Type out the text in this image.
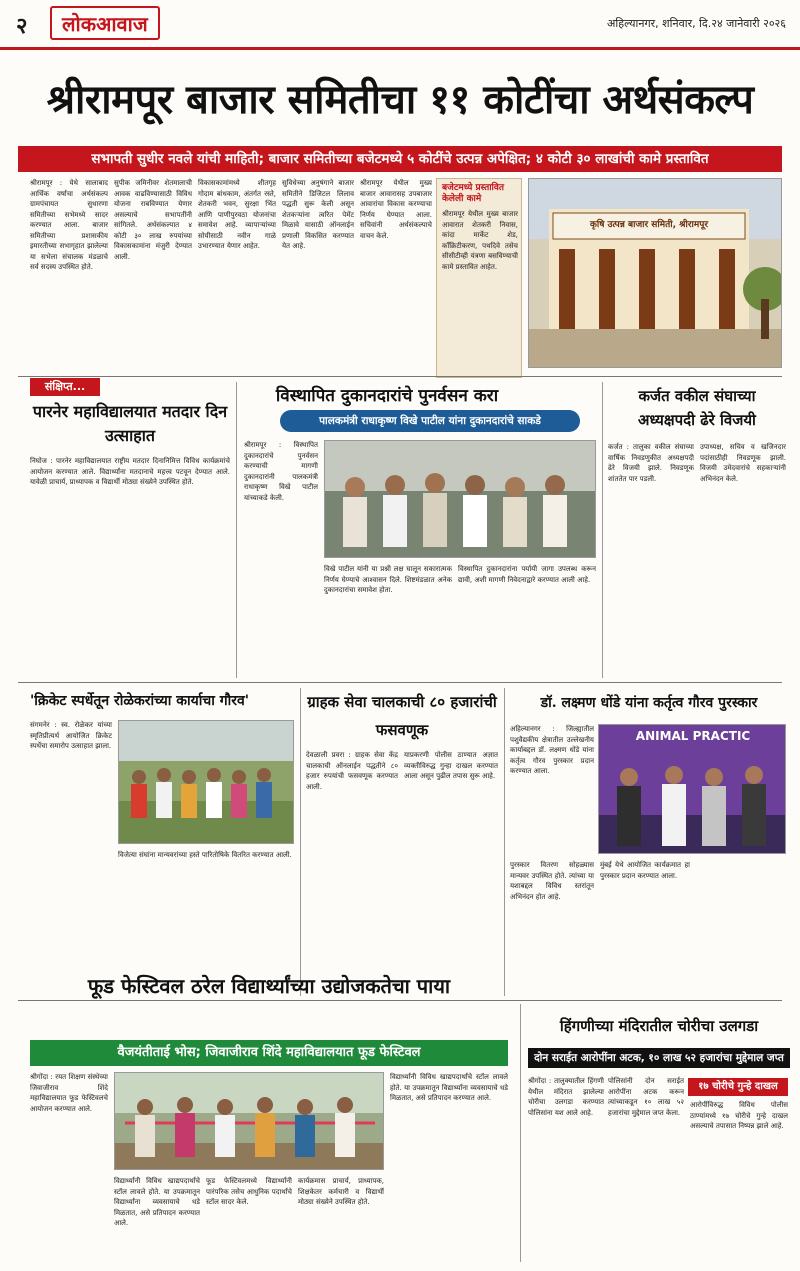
२ लोकआवाज	अहिल्यानगर, शनिवार, दि.२४ जानेवारी २०२६
श्रीरामपूर बाजार समितीचा ११ कोटींचा अर्थसंकल्प
सभापती सुधीर नवले यांची माहिती; बाजार समितीच्या बजेटमध्ये ५ कोटींचे उत्पन्न अपेक्षित; ४ कोटी ३० लाखांची कामे प्रस्तावित
श्रीरामपूर : येथे सालाबाद आर्थिक वर्षाचा अर्थसंकल्प ग्रामपंचायत सुधारणा समितीच्या सभेमध्ये सादर करण्यात आला. बाजार समितीच्या प्रशासकीय इमारतीच्या सभागृहात झालेल्या या सभेला संचालक मंडळाचे सर्व सदस्य उपस्थित होते.
सुपीक जमिनीवर शेतमालाची आवक वाढविण्यासाठी विविध योजना राबविण्यात येणार असल्याचे सभापतींनी सांगितले. अर्थसंकल्पात ४ कोटी ३० लाख रुपयांच्या विकासकामांना मंजुरी देण्यात आली.
विकासकामांमध्ये शीतगृह गोदाम बांधकाम, अंतर्गत रस्ते, शेतकरी भवन, सुरक्षा भिंत आणि पाणीपुरवठा योजनांचा समावेश आहे. व्यापाऱ्यांच्या सोयीसाठी नवीन गाळे उभारण्यात येणार आहेत.
सुविधेच्या अनुषंगाने बाजार समितीने डिजिटल लिलाव पद्धती सुरू केली असून शेतकऱ्यांना त्वरित पेमेंट मिळावे यासाठी ऑनलाईन प्रणाली विकसित करण्यात येत आहे.
श्रीरामपूर येथील मुख्य बाजार आवारासह उपबाजार आवारांचा विकास करण्याचा निर्णय घेण्यात आला. सचिवांनी अर्थसंकल्पाचे वाचन केले.
बजेटमध्ये प्रस्तावित केलेली कामे
श्रीरामपूर येथील मुख्य बाजार आवारात शेतकरी निवास, कांदा मार्केट शेड, कॉंक्रिटीकरण, पथदिवे तसेच सीसीटीव्ही यंत्रणा बसविण्याची कामे प्रस्तावित आहेत.
कृषि उत्पन्न बाजार समिती, श्रीरामपूर
संक्षिप्त...
पारनेर महाविद्यालयात मतदार दिन उत्साहात
निघोज : पारनेर महाविद्यालयात राष्ट्रीय मतदार दिनानिमित्त विविध कार्यक्रमांचे आयोजन करण्यात आले. विद्यार्थ्यांना मतदानाचे महत्त्व पटवून देण्यात आले. यावेळी प्राचार्य, प्राध्यापक व विद्यार्थी मोठ्या संख्येने उपस्थित होते.
विस्थापित दुकानदारांचे पुनर्वसन करा
पालकमंत्री राधाकृष्ण विखे पाटील यांना दुकानदारांचे साकडे
श्रीरामपूर : विस्थापित दुकानदारांचे पुनर्वसन करण्याची मागणी दुकानदारांनी पालकमंत्री राधाकृष्ण विखे पाटील यांच्याकडे केली.
विखे पाटील यांनी या प्रश्नी लक्ष घालून सकारात्मक निर्णय घेण्याचे आश्वासन दिले. शिष्टमंडळात अनेक दुकानदारांचा समावेश होता.
विस्थापित दुकानदारांना पर्यायी जागा उपलब्ध करून द्यावी, अशी मागणी निवेदनाद्वारे करण्यात आली आहे.
कर्जत वकील संघाच्या अध्यक्षपदी ढेरे विजयी
कर्जत : तालुका वकील संघाच्या वार्षिक निवडणुकीत अध्यक्षपदी ढेरे विजयी झाले. निवडणूक शांततेत पार पडली.
उपाध्यक्ष, सचिव व खजिनदार पदांसाठीही निवडणूक झाली. विजयी उमेदवारांचे सहकाऱ्यांनी अभिनंदन केले.
'क्रिकेट स्पर्धेतून रोळेकरांच्या कार्याचा गौरव'
संगमनेर : स्व. रोळेकर यांच्या स्मृतिप्रीत्यर्थ आयोजित क्रिकेट स्पर्धेचा समारोप उत्साहात झाला.
विजेत्या संघांना मान्यवरांच्या हस्ते पारितोषिके वितरित करण्यात आली.
ग्राहक सेवा चालकाची ८० हजारांची फसवणूक
देवळाली प्रवरा : ग्राहक सेवा केंद्र चालकाची ऑनलाईन पद्धतीने ८० हजार रुपयांची फसवणूक करण्यात आली.
याप्रकरणी पोलीस ठाण्यात अज्ञात व्यक्तीविरुद्ध गुन्हा दाखल करण्यात आला असून पुढील तपास सुरू आहे.
डॉ. लक्ष्मण धोंडे यांना कर्तृत्व गौरव पुरस्कार
अहिल्यानगर : जिल्ह्यातील पशुवैद्यकीय क्षेत्रातील उल्लेखनीय कार्याबद्दल डॉ. लक्ष्मण धोंडे यांना कर्तृत्व गौरव पुरस्कार प्रदान करण्यात आला.
ANIMAL PRACTIC
पुरस्कार वितरण सोहळ्यास मान्यवर उपस्थित होते. त्यांच्या या यशाबद्दल विविध स्तरांतून अभिनंदन होत आहे.
मुंबई येथे आयोजित कार्यक्रमात हा पुरस्कार प्रदान करण्यात आला.
फूड फेस्टिवल ठरेल विद्यार्थ्यांच्या उद्योजकतेचा पाया
वैजयंतीताई भोस; जिवाजीराव शिंदे महाविद्यालयात फूड फेस्टिवल
श्रीगोंदा : रयत शिक्षण संस्थेच्या जिवाजीराव शिंदे महाविद्यालयात फूड फेस्टिवलचे आयोजन करण्यात आले.
विद्यार्थ्यांनी विविध खाद्यपदार्थांचे स्टॉल लावले होते. या उपक्रमातून विद्यार्थ्यांना व्यवसायाचे धडे मिळतात, असे प्रतिपादन करण्यात आले.
फूड फेस्टिवलमध्ये विद्यार्थ्यांनी पारंपरिक तसेच आधुनिक पदार्थांचे स्टॉल सादर केले.
कार्यक्रमास प्राचार्य, प्राध्यापक, शिक्षकेतर कर्मचारी व विद्यार्थी मोठ्या संख्येने उपस्थित होते.
विद्यार्थ्यांनी विविध खाद्यपदार्थांचे स्टॉल लावले होते. या उपक्रमातून विद्यार्थ्यांना व्यवसायाचे धडे मिळतात, असे प्रतिपादन करण्यात आले.
हिंगणीच्या मंदिरातील चोरीचा उलगडा
दोन सराईत आरोपींना अटक, १० लाख ५२ हजारांचा मुद्देमाल जप्त
श्रीगोंदा : तालुक्यातील हिंगणी येथील मंदिरात झालेल्या चोरीचा उलगडा करण्यात पोलिसांना यश आले आहे.
पोलिसांनी दोन सराईत आरोपींना अटक करून त्यांच्याकडून १० लाख ५२ हजारांचा मुद्देमाल जप्त केला.
१७ चोरीचे गुन्हे दाखल
आरोपींविरुद्ध विविध पोलीस ठाण्यांमध्ये १७ चोरीचे गुन्हे दाखल असल्याचे तपासात निष्पन्न झाले आहे.
